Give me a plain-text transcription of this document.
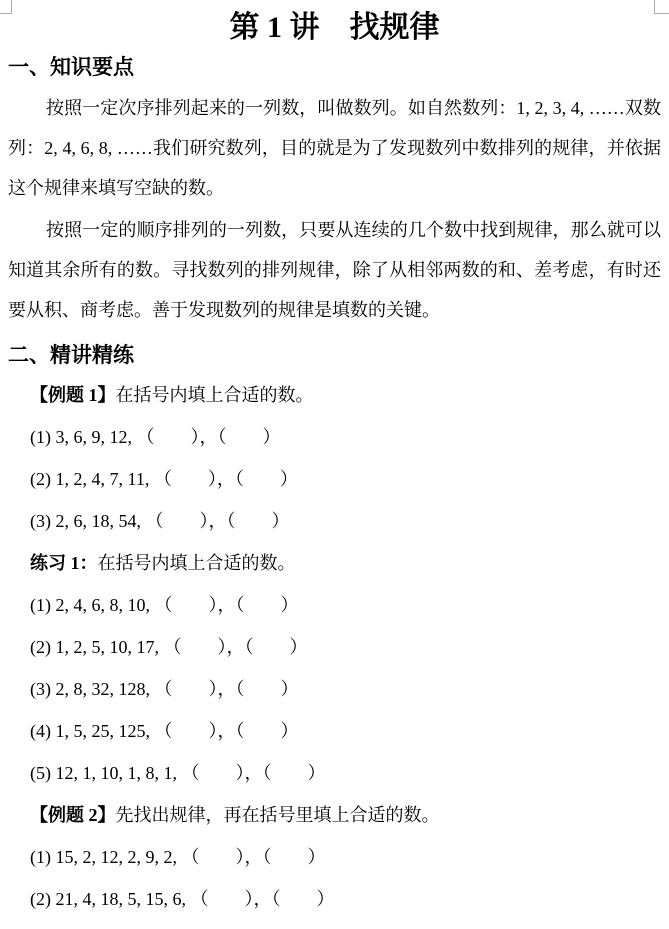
第 1 讲　找规律
一、知识要点

按照一定次序排列起来的一列数，叫做数列。如自然数列：1, 2, 3, 4, ……双数列：2, 4, 6, 8, ……我们研究数列，目的就是为了发现数列中数排列的规律，并依据这个规律来填写空缺的数。

按照一定的顺序排列的一列数，只要从连续的几个数中找到规律，那么就可以知道其余所有的数。寻找数列的排列规律，除了从相邻两数的和、差考虑，有时还要从积、商考虑。善于发现数列的规律是填数的关键。

二、精讲精练
【例题 1】在括号内填上合适的数。
(1) 3, 6, 9, 12, （　　），（　　）
(2) 1, 2, 4, 7, 11, （　　），（　　）
(3) 2, 6, 18, 54, （　　），（　　）
练习 1：在括号内填上合适的数。
(1) 2, 4, 6, 8, 10, （　　），（　　）
(2) 1, 2, 5, 10, 17, （　　），（　　）
(3) 2, 8, 32, 128, （　　），（　　）
(4) 1, 5, 25, 125, （　　），（　　）
(5) 12, 1, 10, 1, 8, 1, （　　），（　　）
【例题 2】先找出规律，再在括号里填上合适的数。
(1) 15, 2, 12, 2, 9, 2, （　　），（　　）
(2) 21, 4, 18, 5, 15, 6, （　　），（　　）
